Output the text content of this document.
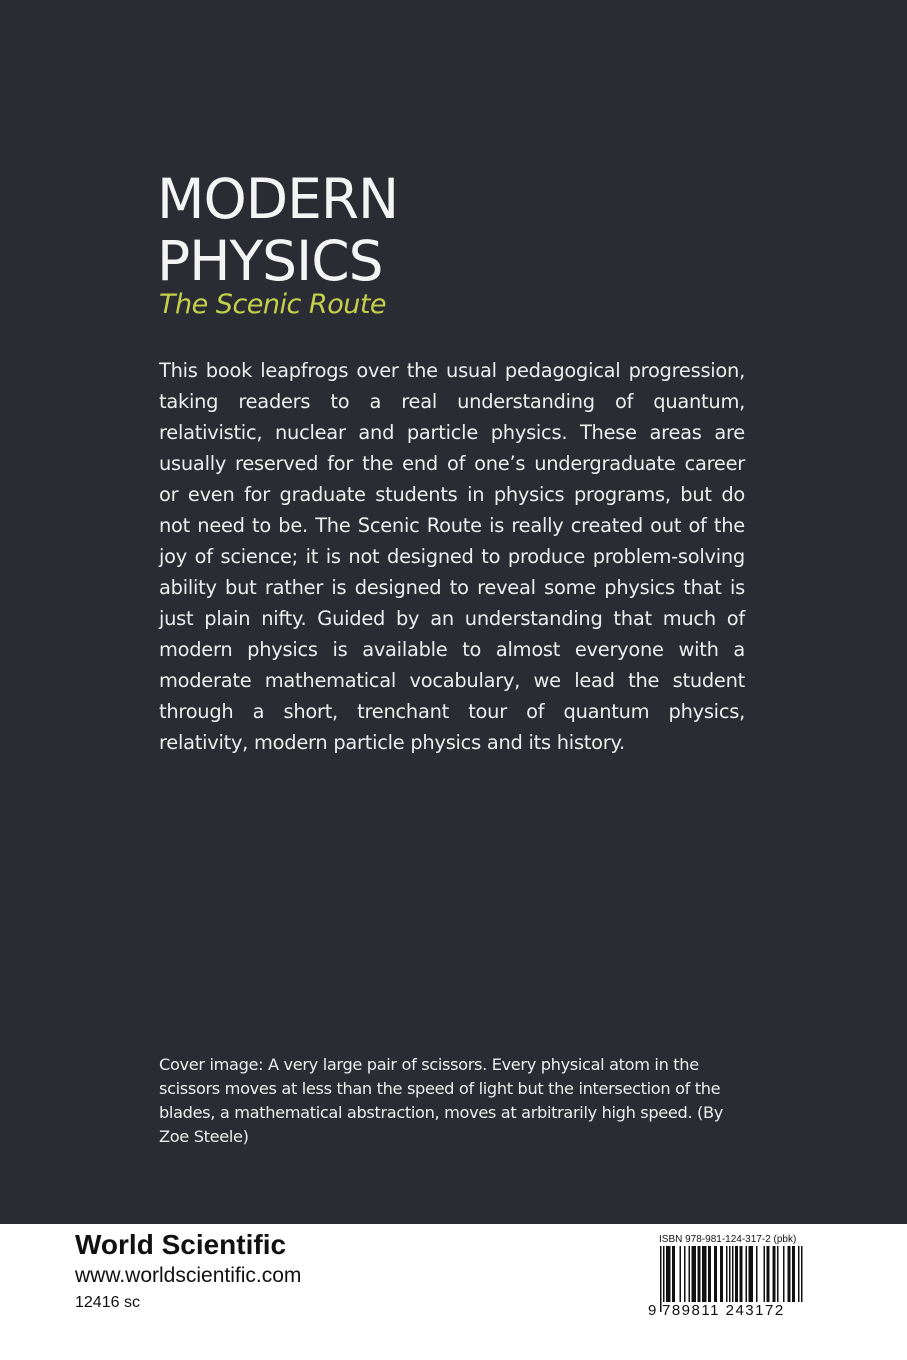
MODERN
PHYSICS
The Scenic Route

This book leapfrogs over the usual pedagogical progression, taking readers to a real understanding of quantum, relativistic, nuclear and particle physics. These areas are usually reserved for the end of one’s undergraduate career or even for graduate students in physics programs, but do not need to be. The Scenic Route is really created out of the joy of science; it is not designed to produce problem-solving ability but rather is designed to reveal some physics that is just plain nifty. Guided by an understanding that much of modern physics is available to almost everyone with a moderate mathematical vocabulary, we lead the student through a short, trenchant tour of quantum physics, relativity, modern particle physics and its history.

Cover image: A very large pair of scissors. Every physical atom in the scissors moves at less than the speed of light but the intersection of the blades, a mathematical abstraction, moves at arbitrarily high speed. (By Zoe Steele)

World Scientific
www.worldscientific.com
12416 sc
ISBN 978-981-124-317-2 (pbk)
9 789811 243172
